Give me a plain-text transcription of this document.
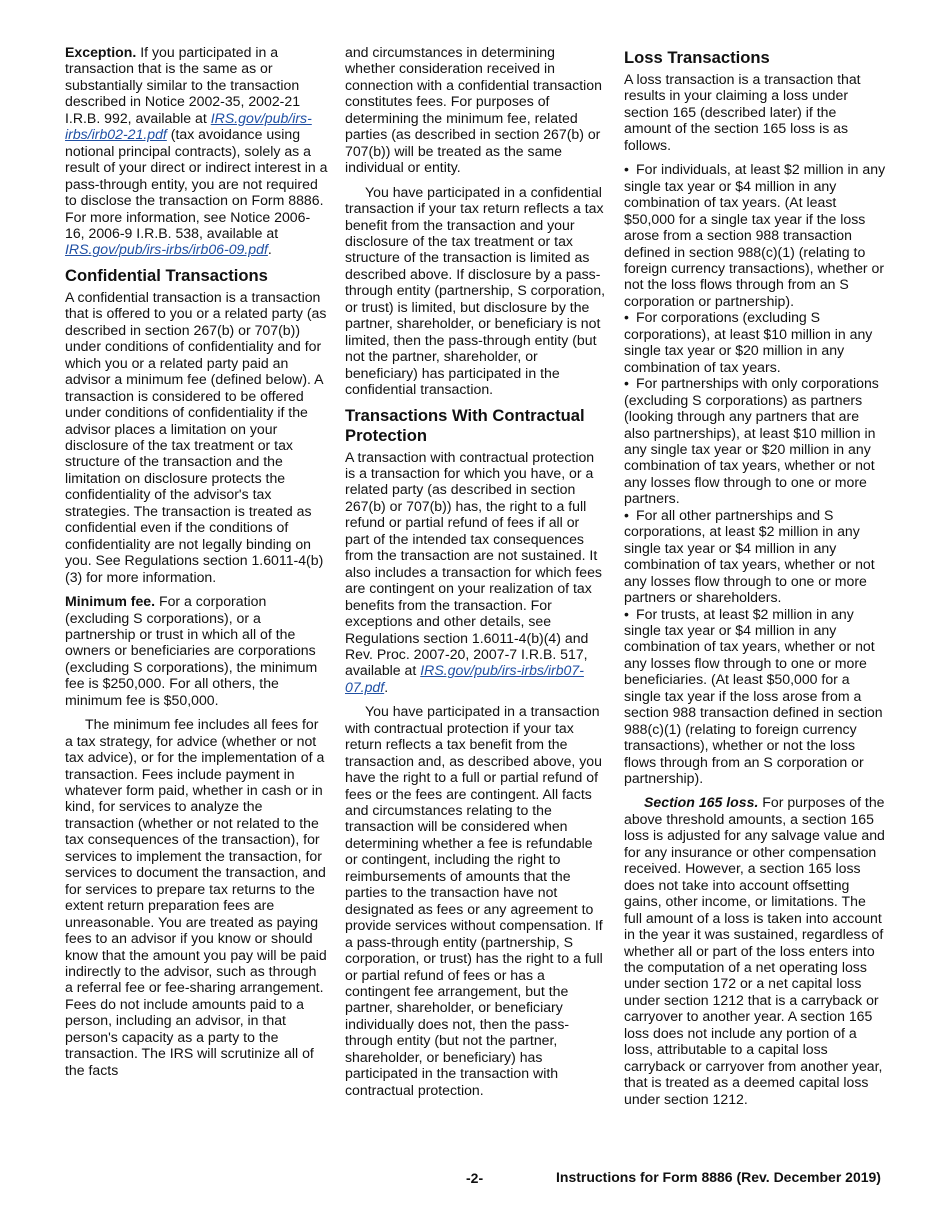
Exception. If you participated in a transaction that is the same as or substantially similar to the transaction described in Notice 2002-35, 2002-21 I.R.B. 992, available at IRS.gov/pub/irs-irbs/irb02-21.pdf (tax avoidance using notional principal contracts), solely as a result of your direct or indirect interest in a pass-through entity, you are not required to disclose the transaction on Form 8886. For more information, see Notice 2006-16, 2006-9 I.R.B. 538, available at IRS.gov/pub/irs-irbs/irb06-09.pdf.

Confidential Transactions

A confidential transaction is a transaction that is offered to you or a related party (as described in section 267(b) or 707(b)) under conditions of confidentiality and for which you or a related party paid an advisor a minimum fee (defined below). A transaction is considered to be offered under conditions of confidentiality if the advisor places a limitation on your disclosure of the tax treatment or tax structure of the transaction and the limitation on disclosure protects the confidentiality of the advisor's tax strategies. The transaction is treated as confidential even if the conditions of confidentiality are not legally binding on you. See Regulations section 1.6011-4(b)(3) for more information.

Minimum fee. For a corporation (excluding S corporations), or a partnership or trust in which all of the owners or beneficiaries are corporations (excluding S corporations), the minimum fee is $250,000. For all others, the minimum fee is $50,000.

The minimum fee includes all fees for a tax strategy, for advice (whether or not tax advice), or for the implementation of a transaction. Fees include payment in whatever form paid, whether in cash or in kind, for services to analyze the transaction (whether or not related to the tax consequences of the transaction), for services to implement the transaction, for services to document the transaction, and for services to prepare tax returns to the extent return preparation fees are unreasonable. You are treated as paying fees to an advisor if you know or should know that the amount you pay will be paid indirectly to the advisor, such as through a referral fee or fee-sharing arrangement. Fees do not include amounts paid to a person, including an advisor, in that person's capacity as a party to the transaction. The IRS will scrutinize all of the facts

and circumstances in determining whether consideration received in connection with a confidential transaction constitutes fees. For purposes of determining the minimum fee, related parties (as described in section 267(b) or 707(b)) will be treated as the same individual or entity.

You have participated in a confidential transaction if your tax return reflects a tax benefit from the transaction and your disclosure of the tax treatment or tax structure of the transaction is limited as described above. If disclosure by a pass-through entity (partnership, S corporation, or trust) is limited, but disclosure by the partner, shareholder, or beneficiary is not limited, then the pass-through entity (but not the partner, shareholder, or beneficiary) has participated in the confidential transaction.

Transactions With Contractual Protection

A transaction with contractual protection is a transaction for which you have, or a related party (as described in section 267(b) or 707(b)) has, the right to a full refund or partial refund of fees if all or part of the intended tax consequences from the transaction are not sustained. It also includes a transaction for which fees are contingent on your realization of tax benefits from the transaction. For exceptions and other details, see Regulations section 1.6011-4(b)(4) and Rev. Proc. 2007-20, 2007-7 I.R.B. 517, available at IRS.gov/pub/irs-irbs/irb07-07.pdf.

You have participated in a transaction with contractual protection if your tax return reflects a tax benefit from the transaction and, as described above, you have the right to a full or partial refund of fees or the fees are contingent. All facts and circumstances relating to the transaction will be considered when determining whether a fee is refundable or contingent, including the right to reimbursements of amounts that the parties to the transaction have not designated as fees or any agreement to provide services without compensation. If a pass-through entity (partnership, S corporation, or trust) has the right to a full or partial refund of fees or has a contingent fee arrangement, but the partner, shareholder, or beneficiary individually does not, then the pass-through entity (but not the partner, shareholder, or beneficiary) has participated in the transaction with contractual protection.

Loss Transactions

A loss transaction is a transaction that results in your claiming a loss under section 165 (described later) if the amount of the section 165 loss is as follows.

• For individuals, at least $2 million in any single tax year or $4 million in any combination of tax years. (At least $50,000 for a single tax year if the loss arose from a section 988 transaction defined in section 988(c)(1) (relating to foreign currency transactions), whether or not the loss flows through from an S corporation or partnership).
• For corporations (excluding S corporations), at least $10 million in any single tax year or $20 million in any combination of tax years.
• For partnerships with only corporations (excluding S corporations) as partners (looking through any partners that are also partnerships), at least $10 million in any single tax year or $20 million in any combination of tax years, whether or not any losses flow through to one or more partners.
• For all other partnerships and S corporations, at least $2 million in any single tax year or $4 million in any combination of tax years, whether or not any losses flow through to one or more partners or shareholders.
• For trusts, at least $2 million in any single tax year or $4 million in any combination of tax years, whether or not any losses flow through to one or more beneficiaries. (At least $50,000 for a single tax year if the loss arose from a section 988 transaction defined in section 988(c)(1) (relating to foreign currency transactions), whether or not the loss flows through from an S corporation or partnership).

Section 165 loss. For purposes of the above threshold amounts, a section 165 loss is adjusted for any salvage value and for any insurance or other compensation received. However, a section 165 loss does not take into account offsetting gains, other income, or limitations. The full amount of a loss is taken into account in the year it was sustained, regardless of whether all or part of the loss enters into the computation of a net operating loss under section 172 or a net capital loss under section 1212 that is a carryback or carryover to another year. A section 165 loss does not include any portion of a loss, attributable to a capital loss carryback or carryover from another year, that is treated as a deemed capital loss under section 1212.

-2-	Instructions for Form 8886 (Rev. December 2019)
